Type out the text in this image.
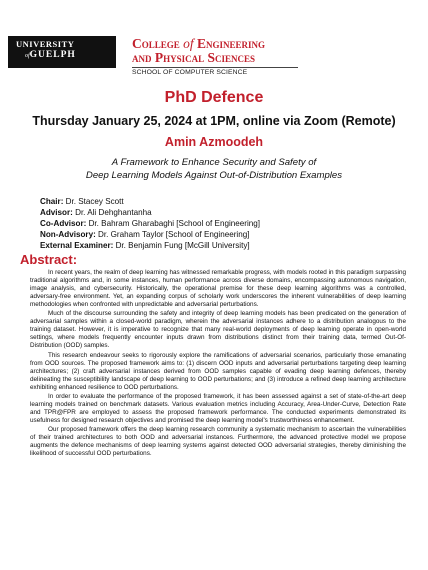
UNIVERSITY
ofGUELPH
College of Engineering
and Physical Sciences
SCHOOL OF COMPUTER SCIENCE
PhD Defence
Thursday January 25, 2024 at 1PM, online via Zoom (Remote)
Amin Azmoodeh
A Framework to Enhance Security and Safety of
Deep Learning Models Against Out-of-Distribution Examples
Chair: Dr. Stacey Scott
Advisor: Dr. Ali Dehghantanha
Co-Advisor: Dr. Bahram Gharabaghi [School of Engineering]
Non-Advisory: Dr. Graham Taylor [School of Engineering]
External Examiner: Dr. Benjamin Fung [McGill University]
Abstract:

In recent years, the realm of deep learning has witnessed remarkable progress, with models rooted in this paradigm surpassing traditional algorithms and, in some instances, human performance across diverse domains, encompassing autonomous navigation, image analysis, and cybersecurity. Historically, the operational premise for these deep learning algorithms was a controlled, adversary-free environment. Yet, an expanding corpus of scholarly work underscores the inherent vulnerabilities of deep learning methodologies when confronted with unpredictable and adversarial perturbations.

Much of the discourse surrounding the safety and integrity of deep learning models has been predicated on the generation of adversarial samples within a closed-world paradigm, wherein the adversarial instances adhere to a distribution analogous to the training dataset. However, it is imperative to recognize that many real-world deployments of deep learning operate in open-world settings, where models frequently encounter inputs drawn from distributions distinct from their training data, termed Out-Of-Distribution (OOD) samples.

This research endeavour seeks to rigorously explore the ramifications of adversarial scenarios, particularly those emanating from OOD sources. The proposed framework aims to: (1) discern OOD inputs and adversarial perturbations targeting deep learning architectures; (2) craft adversarial instances derived from OOD samples capable of evading deep learning defences, thereby delineating the susceptibility landscape of deep learning to OOD perturbations; and (3) introduce a refined deep learning architecture exhibiting enhanced resilience to OOD perturbations.

In order to evaluate the performance of the proposed framework, it has been assessed against a set of state-of-the-art deep learning models trained on benchmark datasets. Various evaluation metrics including Accuracy, Area-Under-Curve, Detection Rate and TPR@FPR are employed to assess the proposed framework performance. The conducted experiments demonstrated its usefulness for designed research objectives and promised the deep learning model's trustworthiness enhancement.

Our proposed framework offers the deep learning research community a systematic mechanism to ascertain the vulnerabilities of their trained architectures to both OOD and adversarial instances. Furthermore, the advanced protective model we propose augments the defence mechanisms of deep learning systems against detected OOD adversarial strategies, thereby diminishing the likelihood of successful OOD perturbations.
